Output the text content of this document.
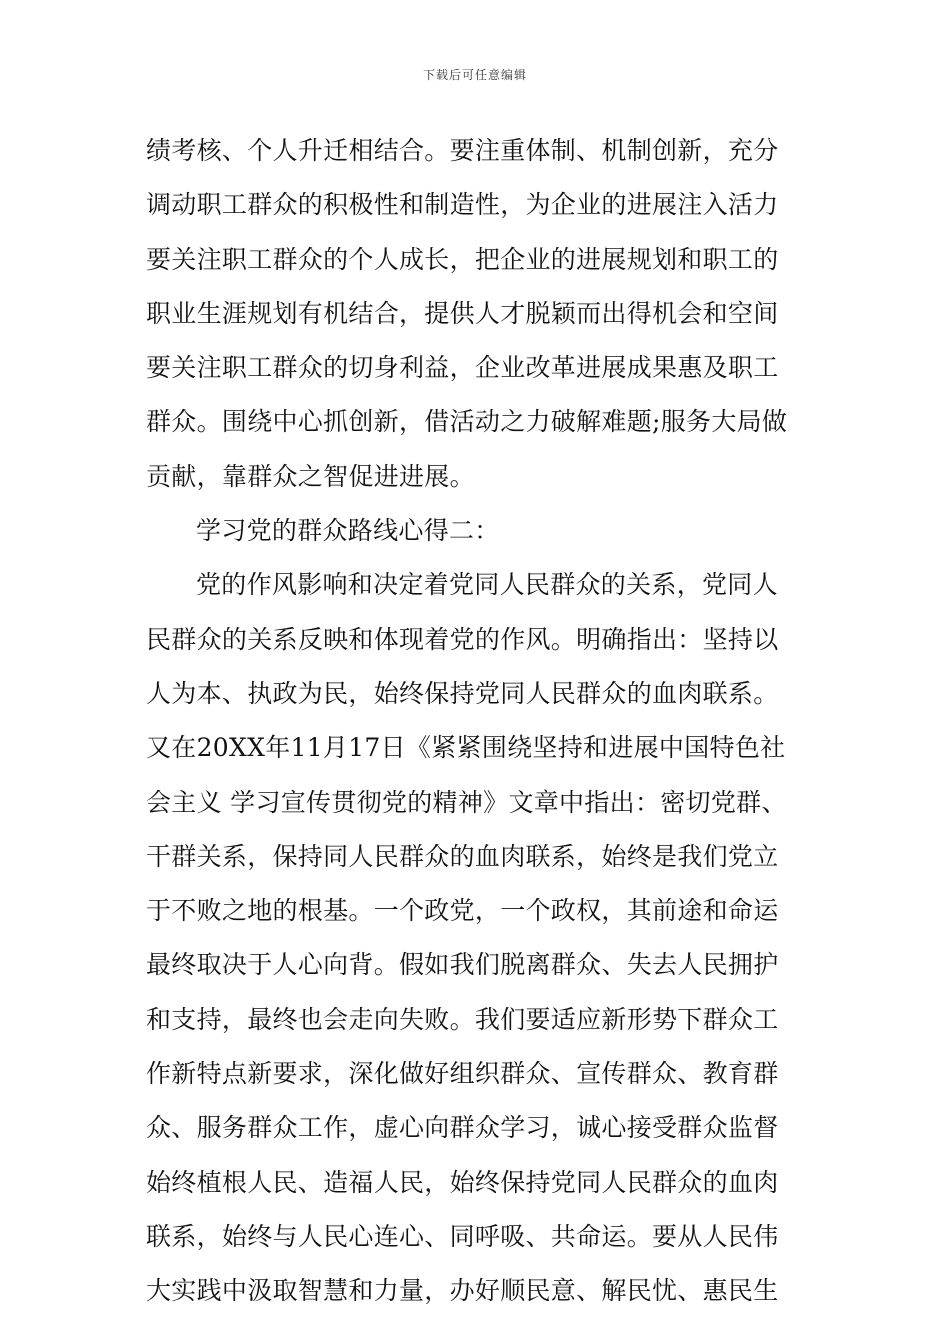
下载后可任意编辑
绩考核、个人升迁相结合。要注重体制、机制创新，充分
调动职工群众的积极性和制造性，为企业的进展注入活力
要关注职工群众的个人成长，把企业的进展规划和职工的
职业生涯规划有机结合，提供人才脱颖而出得机会和空间
要关注职工群众的切身利益，企业改革进展成果惠及职工
群众。围绕中心抓创新，借活动之力破解难题;服务大局做
贡献，靠群众之智促进进展。
学习党的群众路线心得二：
党的作风影响和决定着党同人民群众的关系，党同人
民群众的关系反映和体现着党的作风。明确指出：坚持以
人为本、执政为民，始终保持党同人民群众的血肉联系。
又在20XX年11月17日《紧紧围绕坚持和进展中国特色社
会主义 学习宣传贯彻党的精神》文章中指出：密切党群、
干群关系，保持同人民群众的血肉联系，始终是我们党立
于不败之地的根基。一个政党，一个政权，其前途和命运
最终取决于人心向背。假如我们脱离群众、失去人民拥护
和支持，最终也会走向失败。我们要适应新形势下群众工
作新特点新要求，深化做好组织群众、宣传群众、教育群
众、服务群众工作，虚心向群众学习，诚心接受群众监督
始终植根人民、造福人民，始终保持党同人民群众的血肉
联系，始终与人民心连心、同呼吸、共命运。要从人民伟
大实践中汲取智慧和力量，办好顺民意、解民忧、惠民生
